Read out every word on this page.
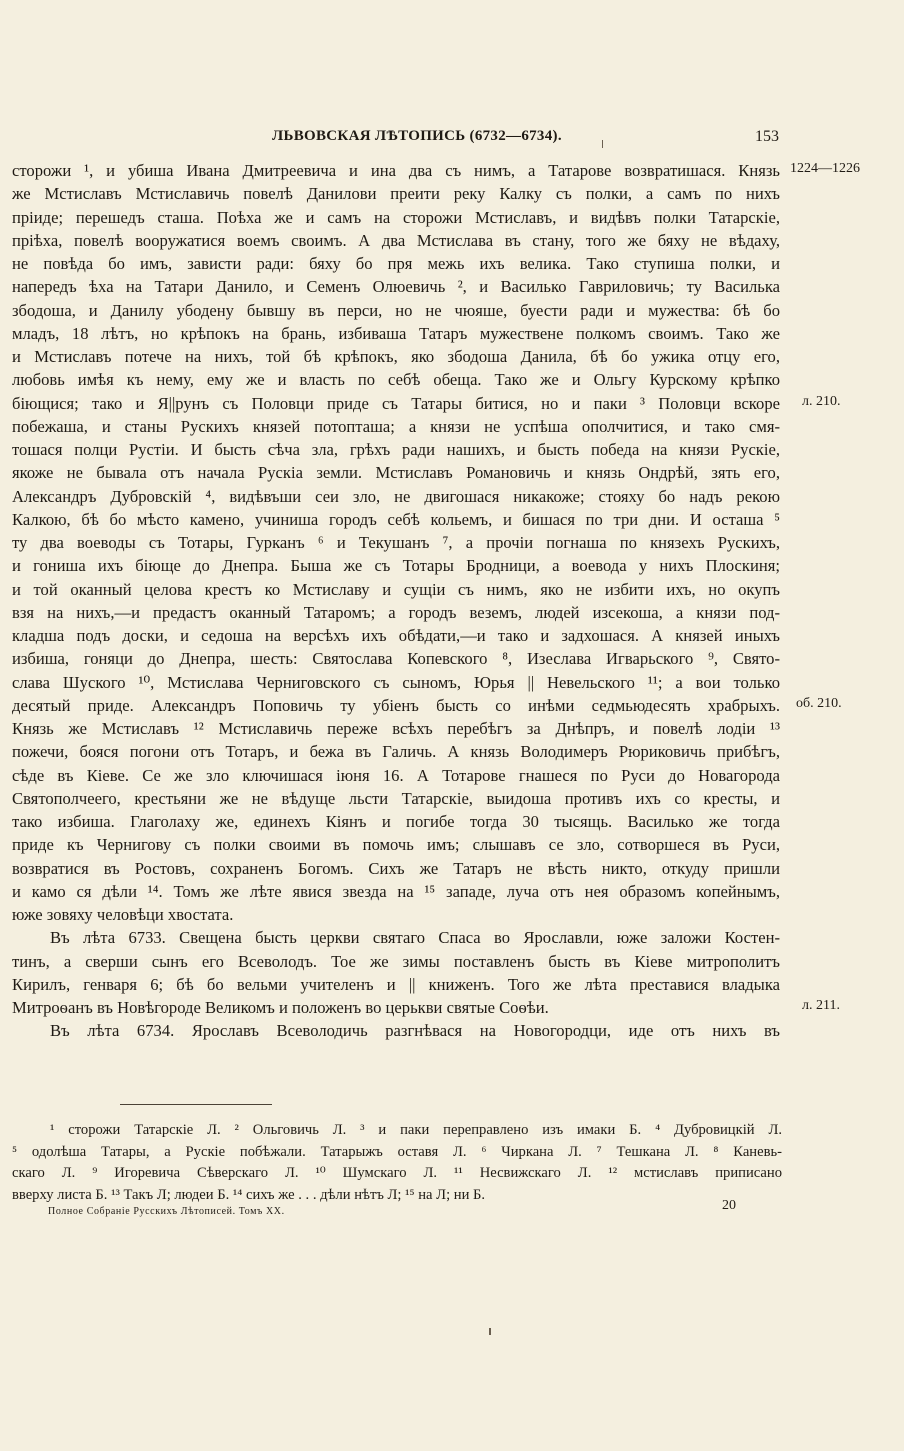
ЛЬВОВСКАЯ ЛѢТОПИСЬ (6732—6734).	153
сторожи ¹, и убиша Ивана Дмитреевича и ина два съ нимъ, а Татарове возвратишася. Князь
же Мстиславъ Мстиславичь повелѣ Данилови преити реку Калку съ полки, а самъ по нихъ
пріиде; перешедъ сташа. Поѣха же и самъ на сторожи Мстиславъ, и видѣвъ полки Татарскіе,
пріѣха, повелѣ вооружатися воемъ своимъ. А два Мстислава въ стану, того же бяху не вѣдаху,
не повѣда бо имъ, зависти ради: бяху бо пря межь ихъ велика. Тако ступиша полки, и
напередъ ѣха на Татари Данило, и Семенъ Олюевичь ², и Василько Гавриловичь; ту Василька
збодоша, и Данилу убодену бывшу въ перси, но не чюяше, буести ради и мужества: бѣ бо
младъ, 18 лѣтъ, но крѣпокъ на брань, избиваша Татаръ мужествене полкомъ своимъ. Тако же
и Мстиславъ потече на нихъ, той бѣ крѣпокъ, яко збодоша Данила, бѣ бо ужика отцу его,
любовь имѣя къ нему, ему же и власть по себѣ обеща. Тако же и Ольгу Курскому крѣпко
біющися; тако и Я||рунъ съ Половци приде съ Татары битися, но и паки ³ Половци вскоре
побежаша, и станы Рускихъ князей потопташа; а князи не успѣша ополчитися, и тако смя-
тошася полци Рустіи. И бысть сѣча зла, грѣхъ ради нашихъ, и бысть победа на князи Рускіе,
якоже не бывала отъ начала Рускіа земли. Мстиславъ Романовичь и князь Ондрѣй, зять его,
Александръ Дубровскій ⁴, видѣвъши сеи зло, не двигошася никакоже; стояху бо надъ рекою
Калкою, бѣ бо мѣсто камено, учиниша городъ себѣ кольемъ, и бишася по три дни. И осташа ⁵
ту два воеводы съ Тотары, Гурканъ ⁶ и Текушанъ ⁷, а прочіи погнаша по князехъ Рускихъ,
и гониша ихъ біюще до Днепра. Быша же съ Тотары Бродници, а воевода у нихъ Плоскиня;
и той оканный целова крестъ ко Мстиславу и сущіи съ нимъ, яко не избити ихъ, но окупъ
взя на нихъ,—и предастъ оканный Татаромъ; а городъ веземъ, людей изсекоша, а князи под-
кладша подъ доски, и седоша на версѣхъ ихъ обѣдати,—и тако и задхошася. А князей иныхъ
избиша, гоняци до Днепра, шесть: Святослава Копевского ⁸, Изеслава Игварьского ⁹, Свято-
слава Шуского ¹⁰, Мстислава Черниговского съ сыномъ, Юрья || Невельского ¹¹; а вои только
десятый приде. Александръ Поповичь ту убіенъ бысть со инѣми седмьюдесять храбрыхъ.
Князь же Мстиславъ ¹² Мстиславичь переже всѣхъ перебѣгъ за Днѣпръ, и повелѣ лодіи ¹³
пожечи, бояся погони отъ Тотаръ, и бежа въ Галичь. А князь Володимеръ Рюриковичь прибѣгъ,
сѣде въ Кіеве. Се же зло ключишася іюня 16. А Тотарове гнашеся по Руси до Новагорода
Святополчеего, крестьяни же не вѣдуще льсти Татарскіе, выидоша противъ ихъ со кресты, и
тако избиша. Глаголаху же, единехъ Кіянъ и погибе тогда 30 тысящь. Василько же тогда
приде къ Чернигову съ полки своими въ помочь имъ; слышавъ се зло, сотворшеся въ Руси,
возвратися въ Ростовъ, сохраненъ Богомъ. Сихъ же Татаръ не вѣсть никто, откуду пришли
и камо ся дѣли ¹⁴. Томъ же лѣте явися звезда на ¹⁵ западе, луча отъ нея образомъ копейнымъ,
юже зовяху человѣци хвостата.
Въ лѣта 6733. Свещена бысть церкви святаго Спаса во Ярославли, юже заложи Костен-
тинъ, а сверши сынъ его Всеволодъ. Тое же зимы поставленъ бысть въ Кіеве митрополитъ
Кирилъ, генваря 6; бѣ бо вельми учителенъ и || книженъ. Того же лѣта преставися владыка
Митроѳанъ въ Новѣгороде Великомъ и положенъ во церькви святые Соѳѣи.
Въ лѣта 6734. Ярославъ Всеволодичь разгнѣвася на Новогородци, иде отъ нихъ въ
1224—1226
л. 210.
об. 210.
л. 211.
¹ сторожи Татарскіе Л. ² Ольговичь Л. ³ и паки переправлено изъ имаки Б. ⁴ Дубровицкій Л.
⁵ одолѣша Татары, а Рускіе побѣжали. Татарыжъ оставя Л. ⁶ Чиркана Л. ⁷ Тешкана Л. ⁸ Каневь-
скаго Л. ⁹ Игоревича Сѣверскаго Л. ¹⁰ Шумскаго Л. ¹¹ Несвижскаго Л. ¹² мстиславъ приписано
вверху листа Б. ¹³ Такъ Л; людеи Б. ¹⁴ сихъ же . . . дѣли нѣтъ Л; ¹⁵ на Л; ни Б.
Полное Собраніе Русскихъ Лѣтописей. Томъ XX.	20
